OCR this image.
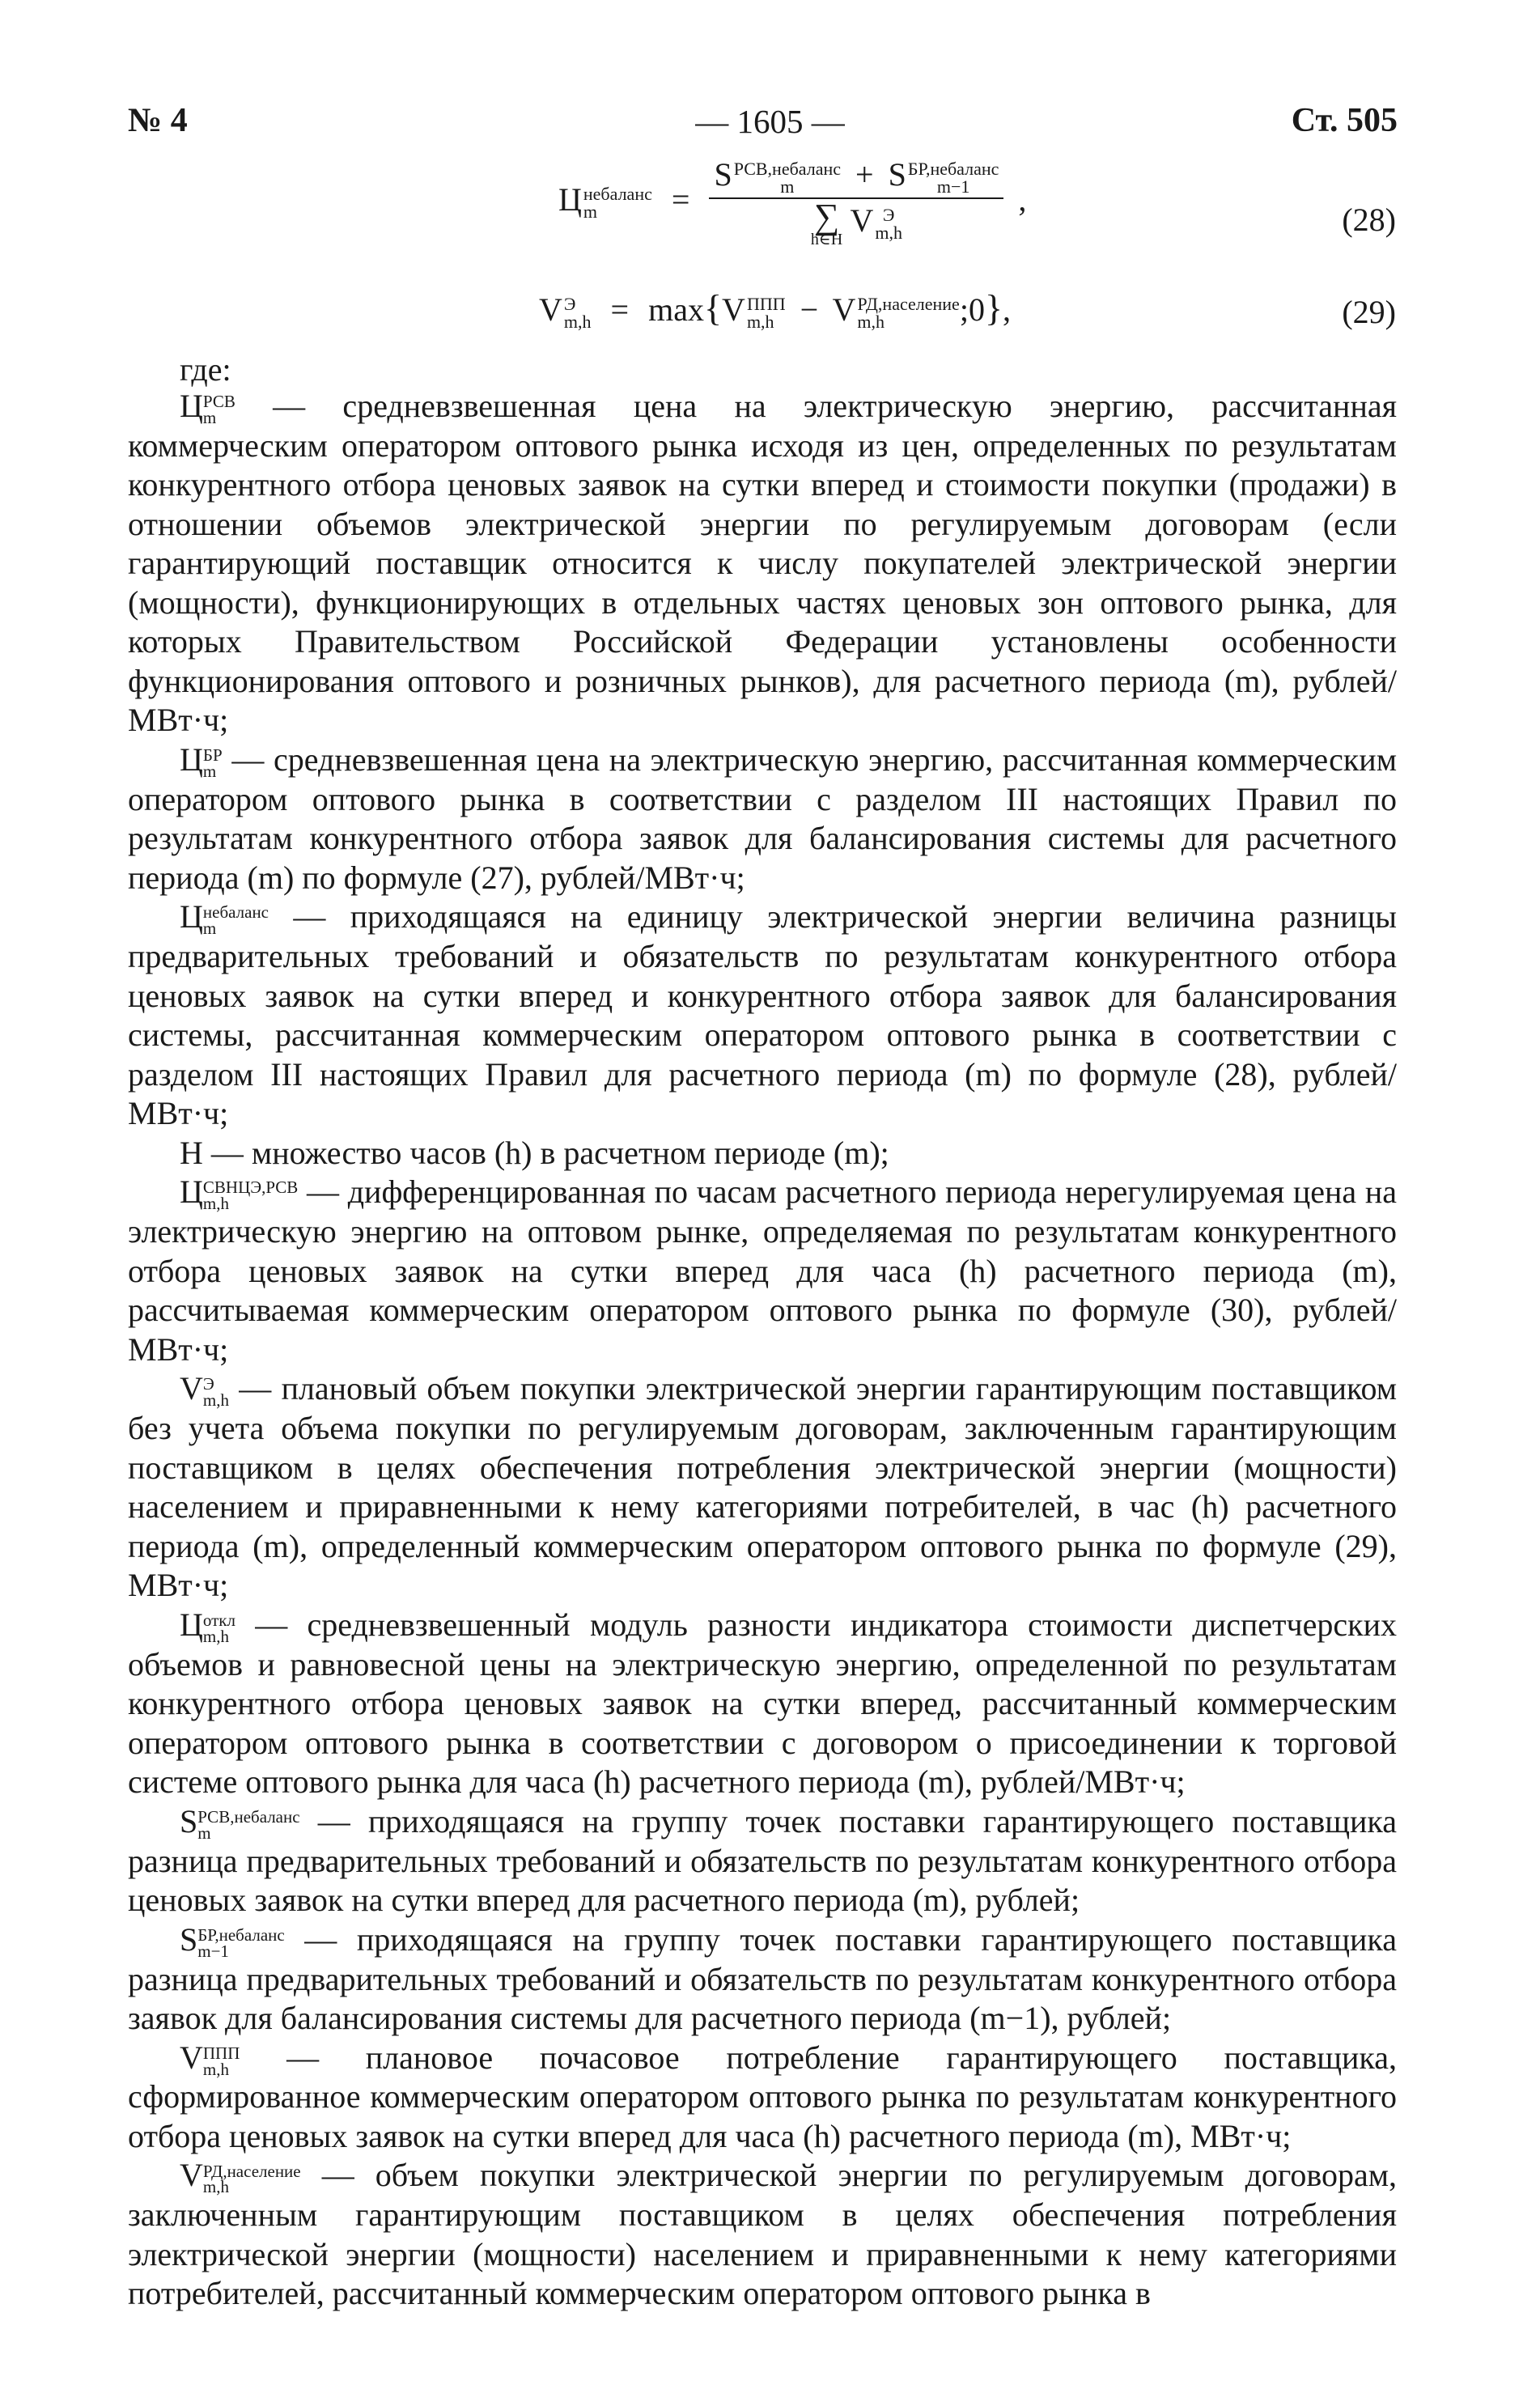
— 1605 —
№ 4	Ст. 505
Ц небаланс
m	= S РСВ,небаланс
m	+ S БР,небаланс
m−1
∑
h∈H
V Э
m,h ,
(28)
V Э
m,h = max{V ППП
m,h − V РД,население
m,h	;0},	(29)
где:

Ц РСВ
m	— средневзвешенная цена на электрическую энергию, рассчитанная коммерческим оператором оптового рынка исходя из цен, определенных по результатам конкурентного отбора ценовых заявок на сутки вперед и стоимости покупки (продажи) в отношении объемов электрической энергии по регулируемым договорам (если гарантирующий поставщик относится к числу покупателей электрической энергии (мощности), функционирующих в отдельных частях ценовых зон оптового рынка, для которых Правительством Российской Федерации установлены особенности функционирования оптового и розничных рынков), для расчетного периода (m), рублей/МВт·ч;

Ц БР
m — средневзвешенная цена на электрическую энергию, рассчитанная коммерческим оператором оптового рынка в соответствии с разделом III настоящих Правил по результатам конкурентного отбора заявок для балансирования системы для расчетного периода (m) по формуле (27), рублей/МВт·ч;

Ц небаланс
m	— приходящаяся на единицу электрической энергии величина разницы предварительных требований и обязательств по результатам конкурентного отбора ценовых заявок на сутки вперед и конкурентного отбора заявок для балансирования системы, рассчитанная коммерческим оператором оптового рынка в соответствии с разделом III настоящих Правил для расчетного периода (m) по формуле (28), рублей/МВт·ч;

H — множество часов (h) в расчетном периоде (m);

Ц СВНЦЭ,РСВ
m,h	— дифференцированная по часам расчетного периода нерегулируемая цена на электрическую энергию на оптовом рынке, определяемая по результатам конкурентного отбора ценовых заявок на сутки вперед для часа (h) расчетного периода (m), рассчитываемая коммерческим оператором оптового рынка по формуле (30), рублей/МВт·ч;

V Э
m,h — плановый объем покупки электрической энергии гарантирующим поставщиком без учета объема покупки по регулируемым договорам, заключенным гарантирующим поставщиком в целях обеспечения потребления электрической энергии (мощности) населением и приравненными к нему категориями потребителей, в час (h) расчетного периода (m), определенный коммерческим оператором оптового рынка по формуле (29), МВт·ч;

Ц откл
m,h — средневзвешенный модуль разности индикатора стоимости диспетчерских объемов и равновесной цены на электрическую энергию, определенной по результатам конкурентного отбора ценовых заявок на сутки вперед, рассчитанный коммерческим оператором оптового рынка в соответствии с договором о присоединении к торговой системе оптового рынка для часа (h) расчетного периода (m), рублей/МВт·ч;

S РСВ,небаланс
m	— приходящаяся на группу точек поставки гарантирующего поставщика разница предварительных требований и обязательств по результатам конкурентного отбора ценовых заявок на сутки вперед для расчетного периода (m), рублей;

S БР,небаланс
m−1	— приходящаяся на группу точек поставки гарантирующего поставщика разница предварительных требований и обязательств по результатам конкурентного отбора заявок для балансирования системы для расчетного периода (m−1), рублей;

V ППП
m,h	— плановое почасовое потребление гарантирующего поставщика, сформированное коммерческим оператором оптового рынка по результатам конкурентного отбора ценовых заявок на сутки вперед для часа (h) расчетного периода (m), МВт·ч;

V РД,население
m,h	— объем покупки электрической энергии по регулируемым договорам, заключенным гарантирующим поставщиком в целях обеспечения потребления электрической энергии (мощности) населением и приравненными к нему категориями потребителей, рассчитанный коммерческим оператором оптового рынка в
